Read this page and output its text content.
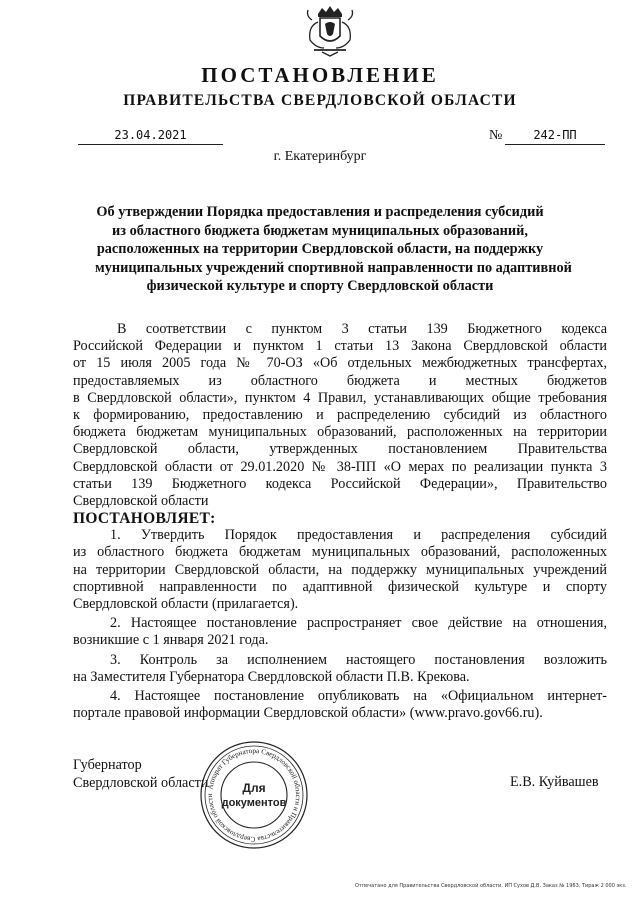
ПОСТАНОВЛЕНИЕ
ПРАВИТЕЛЬСТВА СВЕРДЛОВСКОЙ ОБЛАСТИ
23.04.2021	№	242-ПП
г. Екатеринбург
Об утверждении Порядка предоставления и распределения субсидий
из областного бюджета бюджетам муниципальных образований,
расположенных на территории Свердловской области, на поддержку
муниципальных учреждений спортивной направленности по адаптивной
физической культуре и спорту Свердловской области
В соответствии с пунктом 3 статьи 139 Бюджетного кодекса
Российской Федерации и пунктом 1 статьи 13 Закона Свердловской области
от 15 июля 2005 года № 70-ОЗ «Об отдельных межбюджетных трансфертах,
предоставляемых из областного бюджета и местных бюджетов
в Свердловской области», пунктом 4 Правил, устанавливающих общие требования
к формированию, предоставлению и распределению субсидий из областного
бюджета бюджетам муниципальных образований, расположенных на территории
Свердловской области, утвержденных постановлением Правительства
Свердловской области от 29.01.2020 № 38-ПП «О мерах по реализации пункта 3
статьи 139 Бюджетного кодекса Российской Федерации», Правительство
Свердловской области
ПОСТАНОВЛЯЕТ:
1. Утвердить Порядок предоставления и распределения субсидий
из областного бюджета бюджетам муниципальных образований, расположенных
на территории Свердловской области, на поддержку муниципальных учреждений
спортивной направленности по адаптивной физической культуре и спорту
Свердловской области (прилагается).
2. Настоящее постановление распространяет свое действие на отношения,
возникшие с 1 января 2021 года.
3. Контроль за исполнением настоящего постановления возложить
на Заместителя Губернатора Свердловской области П.В. Крекова.
4. Настоящее постановление опубликовать на «Официальном интернет-
портале правовой информации Свердловской области» (www.pravo.gov66.ru).
Губернатор
Свердловской области	Е.В. Куйвашев
Аппарат Губернатора Свердловской области и Правительства Свердловской области
Для
документов
Отпечатано для Правительства Свердловской области. ИП Сухов Д.В. Заказ № 1963. Тираж 2 000 экз.
